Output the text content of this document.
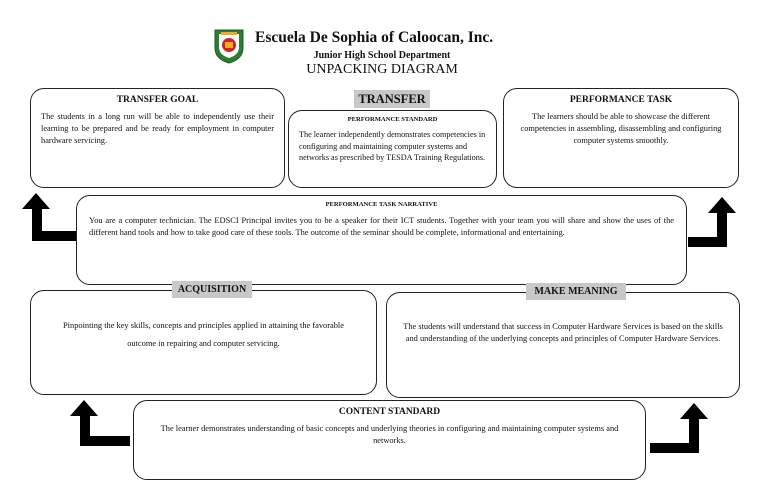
Escuela De Sophia of Caloocan, Inc.
Junior High School Department
UNPACKING DIAGRAM
TRANSFER
TRANSFER GOAL
The students in a long run will be able to independently use their learning to be prepared and be ready for employment in computer hardware servicing.
PERFORMANCE STANDARD
The learner independently demonstrates competencies in configuring and maintaining computer systems and networks as prescribed by TESDA Training Regulations.
PERFORMANCE TASK
The learners should be able to showcase the different competencies in assembling, disassembling and configuring computer systems smoothly.
PERFORMANCE TASK NARRATIVE
You are a computer technician. The EDSCI Principal invites you to be a speaker for their ICT students. Together with your team you will share and show the uses of the different hand tools and how to take good care of these tools. The outcome of the seminar should be complete, informational and entertaining.
Pinpointing the key skills, concepts and principles applied in attaining the favorable outcome in repairing and computer servicing.
ACQUISITION
The students will understand that success in Computer Hardware Services is based on the skills and understanding of the underlying concepts and principles of Computer Hardware Services.
MAKE MEANING
CONTENT STANDARD
The learner demonstrates understanding of basic concepts and underlying theories in configuring and maintaining computer systems and networks.
